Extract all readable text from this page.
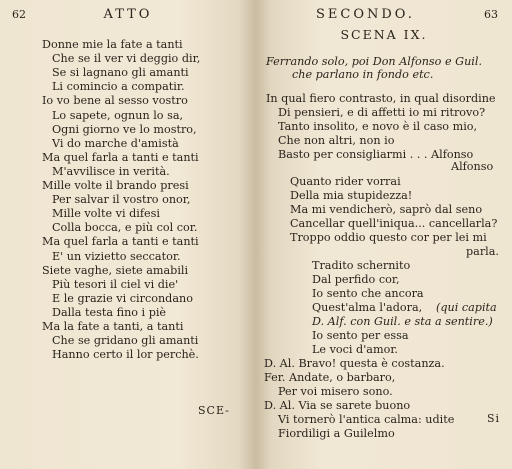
62	ATTO
Donne mie la fate a tanti
Che se il ver vi deggio dir,
Se si lagnano gli amanti
Li comincio a compatir.
Io vo bene al sesso vostro
Lo sapete, ognun lo sa,
Ogni giorno ve lo mostro,
Vi do marche d'amistà
Ma quel farla a tanti e tanti
M'avvilisce in verità.
Mille volte il brando presi
Per salvar il vostro onor,
Mille volte vi difesi
Colla bocca, e più col cor.
Ma quel farla a tanti e tanti
E' un vizietto seccator.
Siete vaghe, siete amabili
Più tesori il ciel vi die'
E le grazie vi circondano
Dalla testa fino i piè
Ma la fate a tanti, a tanti
Che se gridano gli amanti
Hanno certo il lor perchè.
SCE-
SECONDO.	63
SCENA IX.
Ferrando solo, poi Don Alfonso e Guil.
che parlano in fondo etc.
In qual fiero contrasto, in qual disordine
Di pensieri, e di affetti io mi ritrovo?
Tanto insolito, e novo è il caso mio,
Che non altri, non io
Basto per consigliarmi . . . Alfonso
Alfonso
Quanto rider vorrai
Della mia stupidezza!
Ma mi vendicherò, saprò dal seno
Cancellar quell'iniqua... cancellarla?
Troppo oddio questo cor per lei mi
parla.
Tradito schernito
Dal perfido cor,
Io sento che ancora
Quest'alma l'adora, (qui capita
D. Alf. con Guil. e sta a sentire.)
Io sento per essa
Le voci d'amor.
D. Al. Bravo! questa è costanza.
Fer. Andate, o barbaro,
Per voi misero sono.
D. Al. Via se sarete buono
Vi tornerò l'antica calma: udite
Fiordiligi a Guilelmo
Si
